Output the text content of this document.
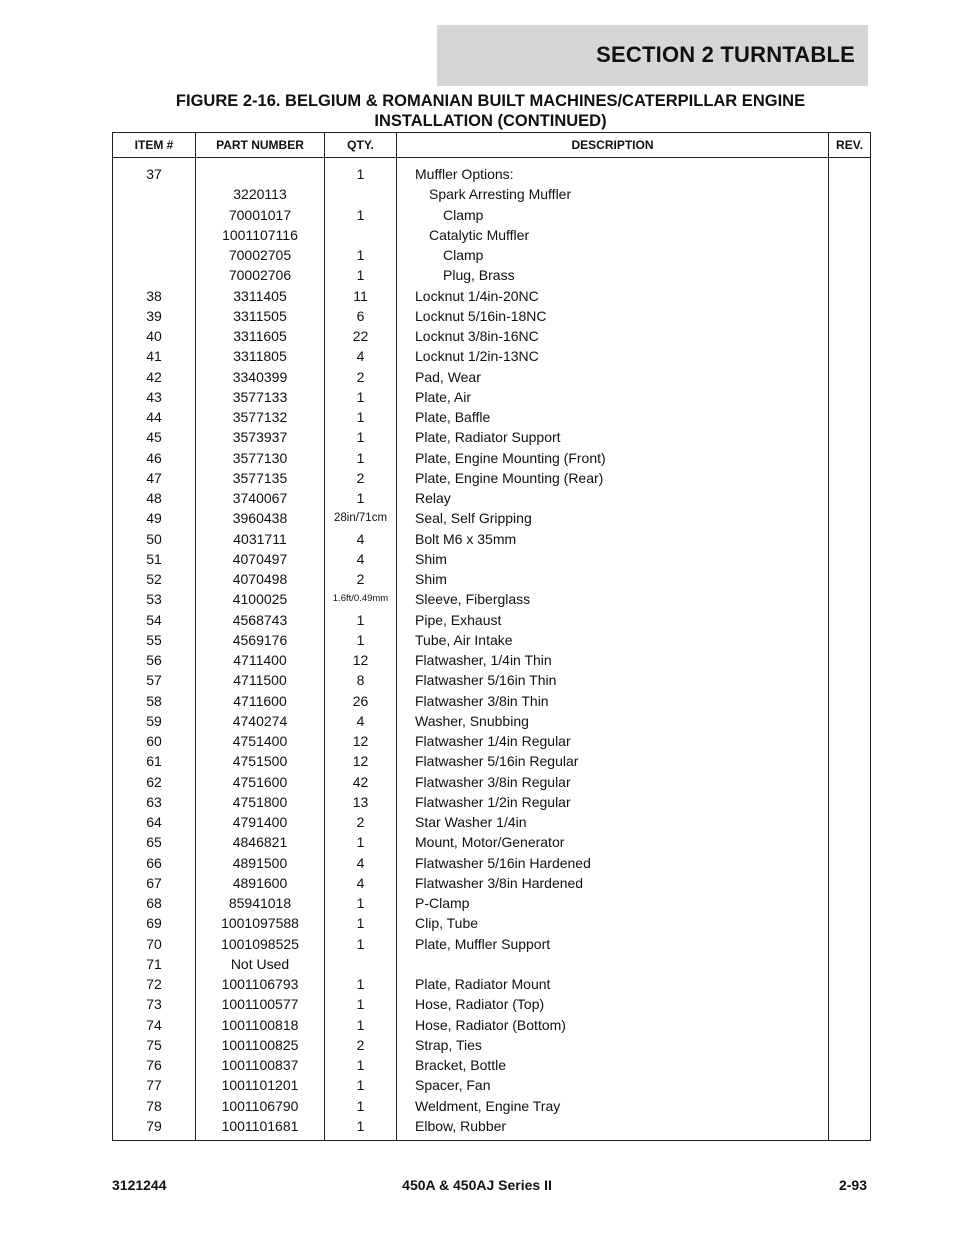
SECTION 2 TURNTABLE
FIGURE 2-16. BELGIUM & ROMANIAN BUILT MACHINES/CATERPILLAR ENGINE
INSTALLATION (CONTINUED)
ITEM #	PART NUMBER	QTY.	DESCRIPTION	REV.
37		1	Muffler Options:	
	3220113		Spark Arresting Muffler	
	70001017	1	Clamp	
	1001107116		Catalytic Muffler	
	70002705	1	Clamp	
	70002706	1	Plug, Brass	
38	3311405	11	Locknut 1/4in-20NC	
39	3311505	6	Locknut 5/16in-18NC	
40	3311605	22	Locknut 3/8in-16NC	
41	3311805	4	Locknut 1/2in-13NC	
42	3340399	2	Pad, Wear	
43	3577133	1	Plate, Air	
44	3577132	1	Plate, Baffle	
45	3573937	1	Plate, Radiator Support	
46	3577130	1	Plate, Engine Mounting (Front)	
47	3577135	2	Plate, Engine Mounting (Rear)	
48	3740067	1	Relay	
49	3960438	28in/71cm	Seal, Self Gripping	
50	4031711	4	Bolt M6 x 35mm	
51	4070497	4	Shim	
52	4070498	2	Shim	
53	4100025	1.6ft/0.49mm	Sleeve, Fiberglass	
54	4568743	1	Pipe, Exhaust	
55	4569176	1	Tube, Air Intake	
56	4711400	12	Flatwasher, 1/4in Thin	
57	4711500	8	Flatwasher 5/16in Thin	
58	4711600	26	Flatwasher 3/8in Thin	
59	4740274	4	Washer, Snubbing	
60	4751400	12	Flatwasher 1/4in Regular	
61	4751500	12	Flatwasher 5/16in Regular	
62	4751600	42	Flatwasher 3/8in Regular	
63	4751800	13	Flatwasher 1/2in Regular	
64	4791400	2	Star Washer 1/4in	
65	4846821	1	Mount, Motor/Generator	
66	4891500	4	Flatwasher 5/16in Hardened	
67	4891600	4	Flatwasher 3/8in Hardened	
68	85941018	1	P-Clamp	
69	1001097588	1	Clip, Tube	
70	1001098525	1	Plate, Muffler Support	
71	Not Used			
72	1001106793	1	Plate, Radiator Mount	
73	1001100577	1	Hose, Radiator (Top)	
74	1001100818	1	Hose, Radiator (Bottom)	
75	1001100825	2	Strap, Ties	
76	1001100837	1	Bracket, Bottle	
77	1001101201	1	Spacer, Fan	
78	1001106790	1	Weldment, Engine Tray	
79	1001101681	1	Elbow, Rubber	
3121244	450A & 450AJ Series II	2-93
